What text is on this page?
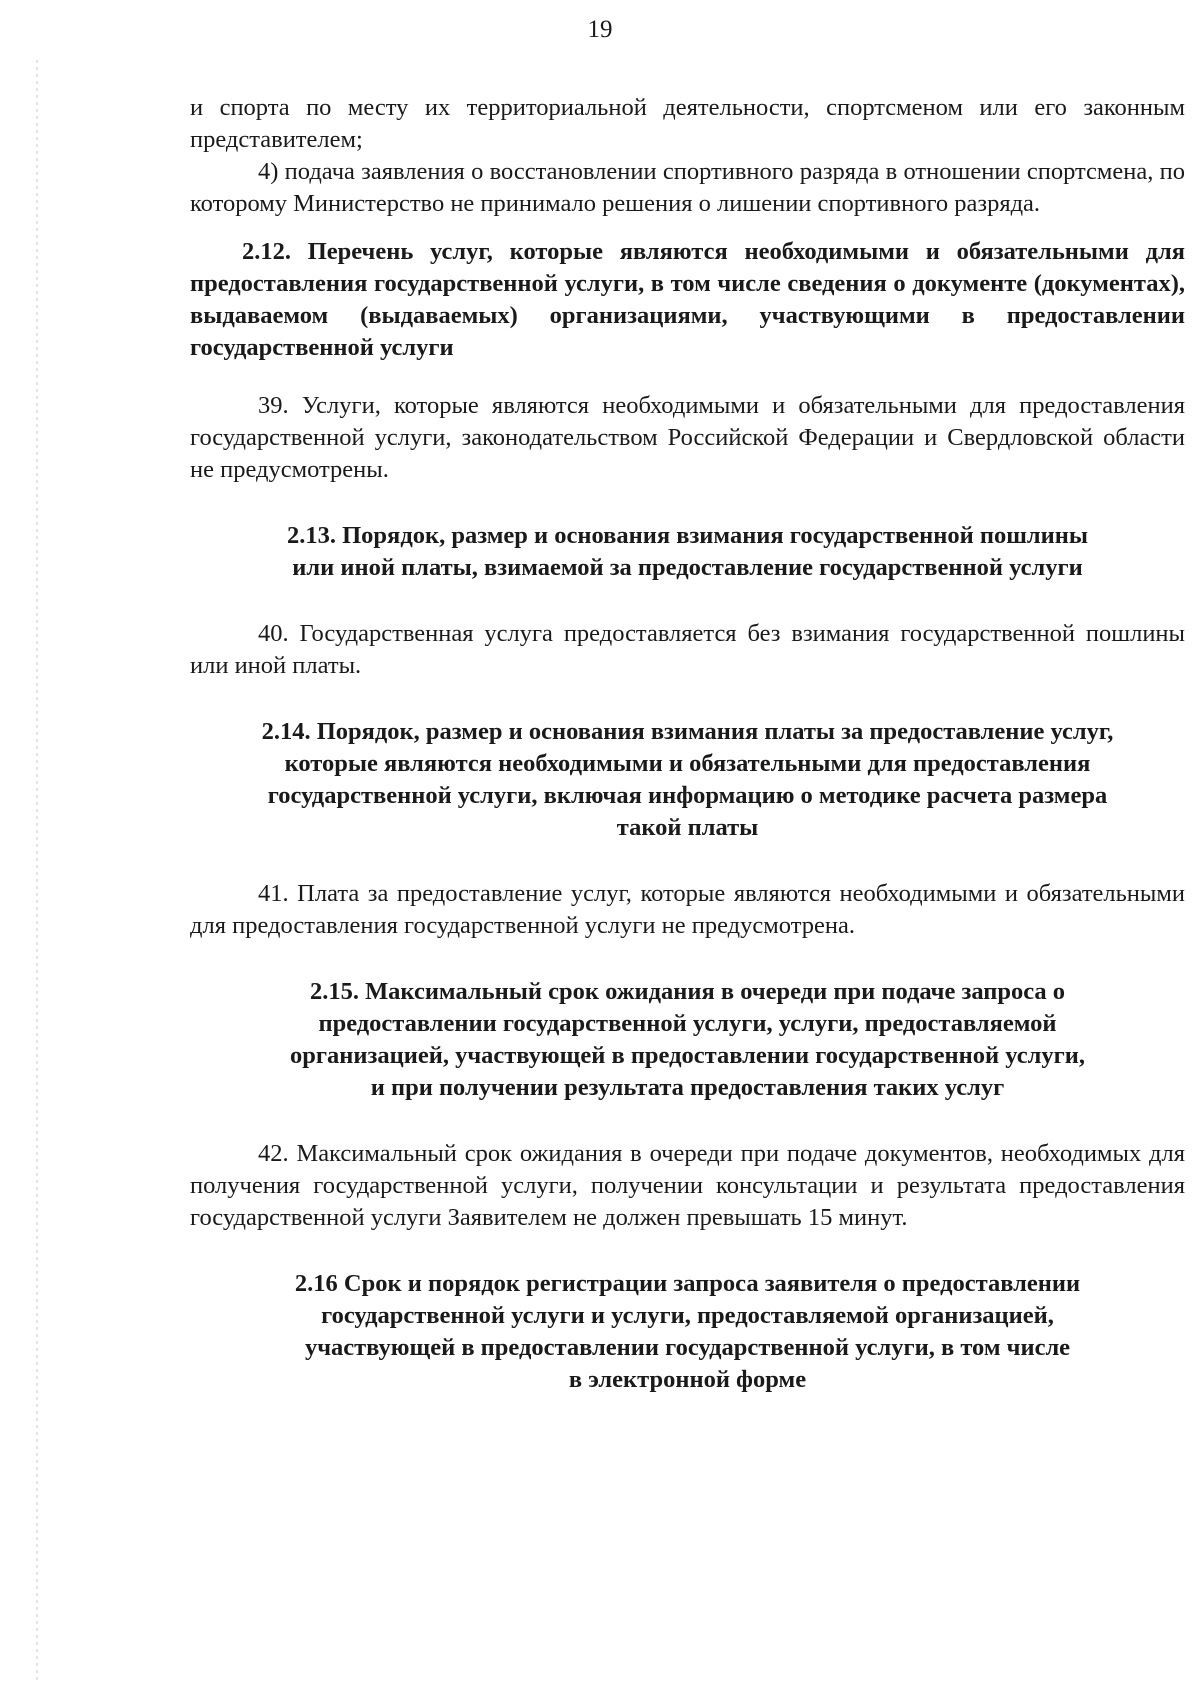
19

и спорта по месту их территориальной деятельности, спортсменом или его законным представителем;

4) подача заявления о восстановлении спортивного разряда в отношении спортсмена, по которому Министерство не принимало решения о лишении спортивного разряда.

2.12. Перечень услуг, которые являются необходимыми и обязательными для предоставления государственной услуги, в том числе сведения о документе (документах), выдаваемом (выдаваемых) организациями, участвующими в предоставлении государственной услуги

39. Услуги, которые являются необходимыми и обязательными для предоставления государственной услуги, законодательством Российской Федерации и Свердловской области не предусмотрены.

2.13. Порядок, размер и основания взимания государственной пошлины

или иной платы, взимаемой за предоставление государственной услуги

40. Государственная услуга предоставляется без взимания государственной пошлины или иной платы.

2.14. Порядок, размер и основания взимания платы за предоставление услуг,

которые являются необходимыми и обязательными для предоставления

государственной услуги, включая информацию о методике расчета размера

такой платы

41. Плата за предоставление услуг, которые являются необходимыми и обязательными для предоставления государственной услуги не предусмотрена.

2.15. Максимальный срок ожидания в очереди при подаче запроса о

предоставлении государственной услуги, услуги, предоставляемой

организацией, участвующей в предоставлении государственной услуги,

и при получении результата предоставления таких услуг

42. Максимальный срок ожидания в очереди при подаче документов, необходимых для получения государственной услуги, получении консультации и результата предоставления государственной услуги Заявителем не должен превышать 15 минут.

2.16 Срок и порядок регистрации запроса заявителя о предоставлении

государственной услуги и услуги, предоставляемой организацией,

участвующей в предоставлении государственной услуги, в том числе

в электронной форме
